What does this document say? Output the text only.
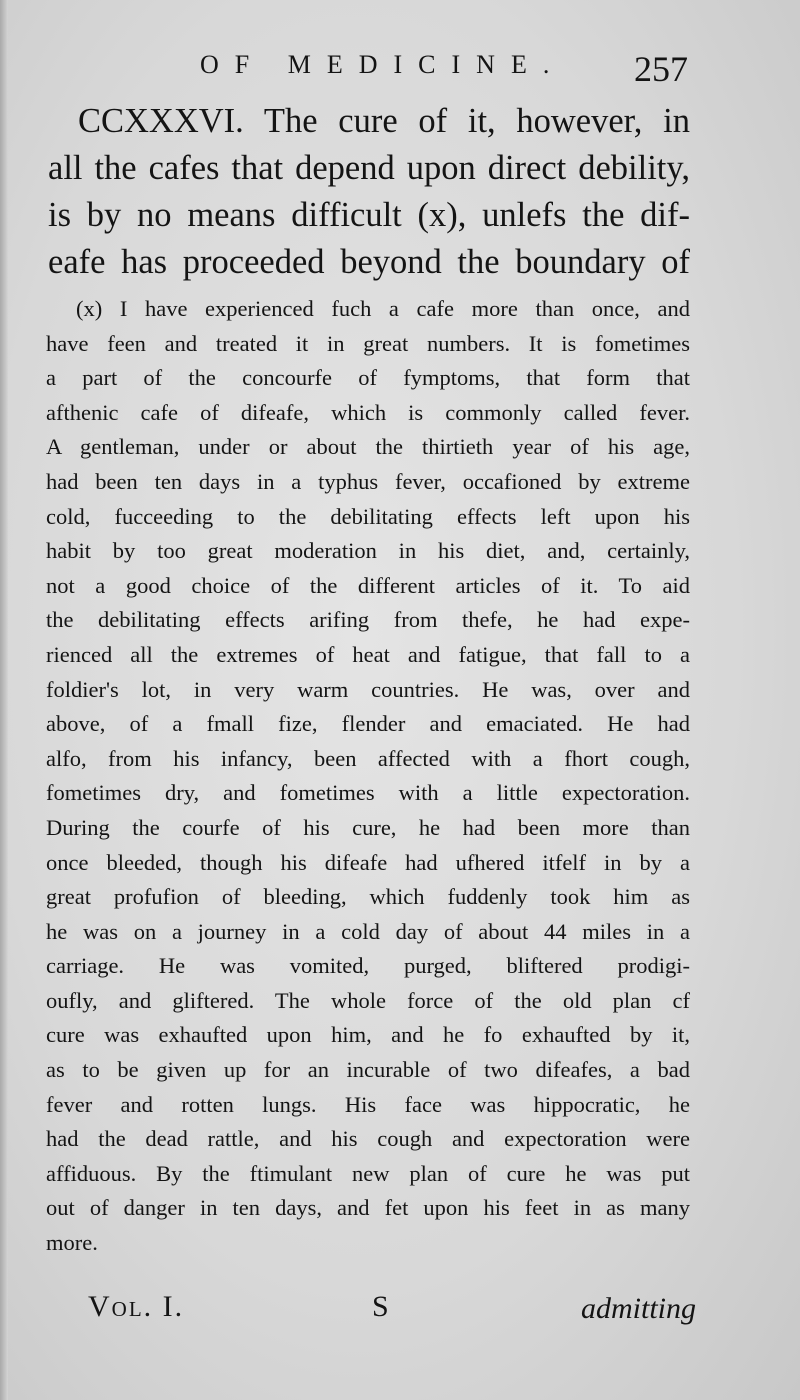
OF MEDICINE. 257
CCXXXVI. The cure of it, however, in
all the cafes that depend upon direct debility,
is by no means difficult (x), unlefs the dif-
eafe has proceeded beyond the boundary of
(x) I have experienced fuch a cafe more than once, and
have feen and treated it in great numbers. It is fometimes
a part of the concourfe of fymptoms, that form that
afthenic cafe of difeafe, which is commonly called fever.
A gentleman, under or about the thirtieth year of his age,
had been ten days in a typhus fever, occafioned by extreme
cold, fucceeding to the debilitating effects left upon his
habit by too great moderation in his diet, and, certainly,
not a good choice of the different articles of it. To aid
the debilitating effects arifing from thefe, he had expe-
rienced all the extremes of heat and fatigue, that fall to a
foldier's lot, in very warm countries. He was, over and
above, of a fmall fize, flender and emaciated. He had
alfo, from his infancy, been affected with a fhort cough,
fometimes dry, and fometimes with a little expectoration.
During the courfe of his cure, he had been more than
once bleeded, though his difeafe had ufhered itfelf in by a
great profufion of bleeding, which fuddenly took him as
he was on a journey in a cold day of about 44 miles in a
carriage. He was vomited, purged, bliftered prodigi-
oufly, and gliftered. The whole force of the old plan cf
cure was exhaufted upon him, and he fo exhaufted by it,
as to be given up for an incurable of two difeafes, a bad
fever and rotten lungs. His face was hippocratic, he
had the dead rattle, and his cough and expectoration were
affiduous. By the ftimulant new plan of cure he was put
out of danger in ten days, and fet upon his feet in as many
more.
Vol. I.	S	admitting
